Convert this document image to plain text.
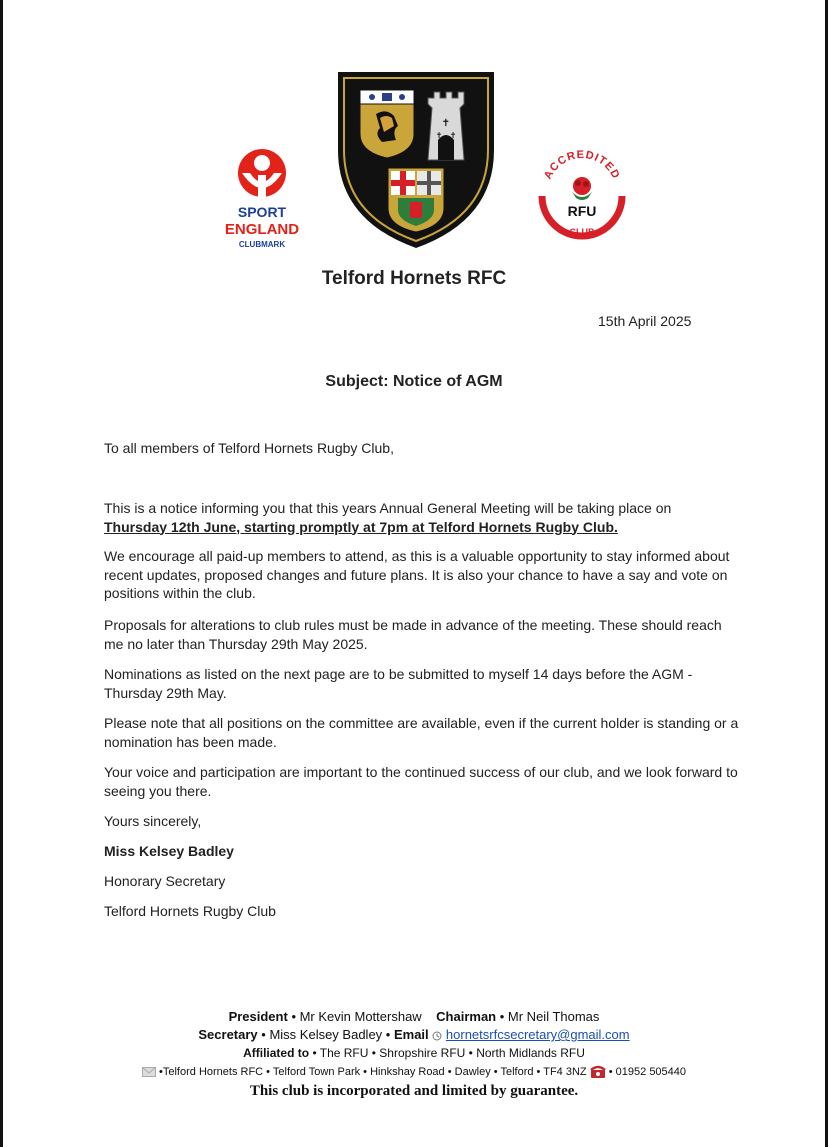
SPORT
ENGLAND
CLUBMARK
✝
✝ ✝
ACCREDITED
RFU
CLUB
Telford Hornets RFC
15th April 2025
Subject: Notice of AGM

To all members of Telford Hornets Rugby Club,

This is a notice informing you that this years Annual General Meeting will be taking place on
Thursday 12th June, starting promptly at 7pm at Telford Hornets Rugby Club.

We encourage all paid-up members to attend, as this is a valuable opportunity to stay informed about recent updates, proposed changes and future plans. It is also your chance to have a say and vote on positions within the club.

Proposals for alterations to club rules must be made in advance of the meeting. These should reach me no later than Thursday 29th May 2025.

Nominations as listed on the next page are to be submitted to myself 14 days before the AGM - Thursday 29th May.

Please note that all positions on the committee are available, even if the current holder is standing or a nomination has been made.

Your voice and participation are important to the continued success of our club, and we look forward to seeing you there.

Yours sincerely,

Miss Kelsey Badley

Honorary Secretary

Telford Hornets Rugby Club

President • Mr Kevin Mottershaw Chairman • Mr Neil Thomas
Secretary • Miss Kelsey Badley • Email hornetsrfcsecretary@gmail.com
Affiliated to • The RFU • Shropshire RFU • North Midlands RFU
•Telford Hornets RFC • Telford Town Park • Hinkshay Road • Dawley • Telford • TF4 3NZ • 01952 505440
This club is incorporated and limited by guarantee.
